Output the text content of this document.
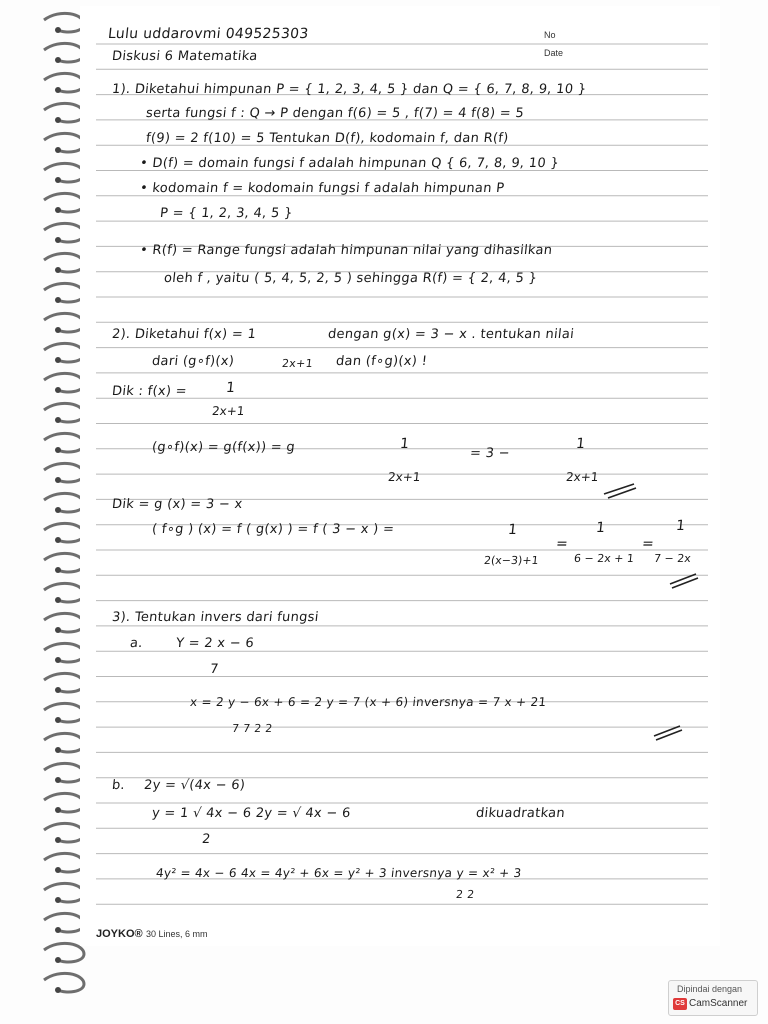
No
Date
Lulu uddarovmi 049525303
Diskusi 6 Matematika
1). Diketahui himpunan P = { 1, 2, 3, 4, 5 } dan Q = { 6, 7, 8, 9, 10 }
serta fungsi f : Q → P dengan f(6) = 5 , f(7) = 4 f(8) = 5
f(9) = 2 f(10) = 5 Tentukan D(f), kodomain f, dan R(f)
• D(f) = domain fungsi f adalah himpunan Q { 6, 7, 8, 9, 10 }
• kodomain f = kodomain fungsi f adalah himpunan P
P = { 1, 2, 3, 4, 5 }
• R(f) = Range fungsi adalah himpunan nilai yang dihasilkan
oleh f , yaitu ( 5, 4, 5, 2, 5 ) sehingga R(f) = { 2, 4, 5 }
2). Diketahui f(x) = 1	dengan g(x) = 3 − x . tentukan nilai
2x+1
dari (g∘f)(x)	dan (f∘g)(x) !
Dik : f(x) =	1
2x+1
(g∘f)(x) = g(f(x)) = g	1
2x+1
= 3 −
1
2x+1
Dik = g (x) = 3 − x
( f∘g ) (x) = f ( g(x) ) = f ( 3 − x ) =	1
2(x−3)+1
=
1
6 − 2x + 1
=
1
7 − 2x
3). Tentukan invers dari fungsi
a. Y = 2 x − 6
7
x = 2 y − 6x + 6 = 2 y = 7 (x + 6) inversnya = 7 x + 21
7 7 2 2
b. 2y = √(4x − 6)
y = 1 √ 4x − 6 2y = √ 4x − 6	dikuadratkan
2
4y² = 4x − 6 4x = 4y² + 6x = y² + 3 inversnya y = x² + 3
2 2
JOYKO® 30 Lines, 6 mm
Dipindai dengan
CS CamScanner
